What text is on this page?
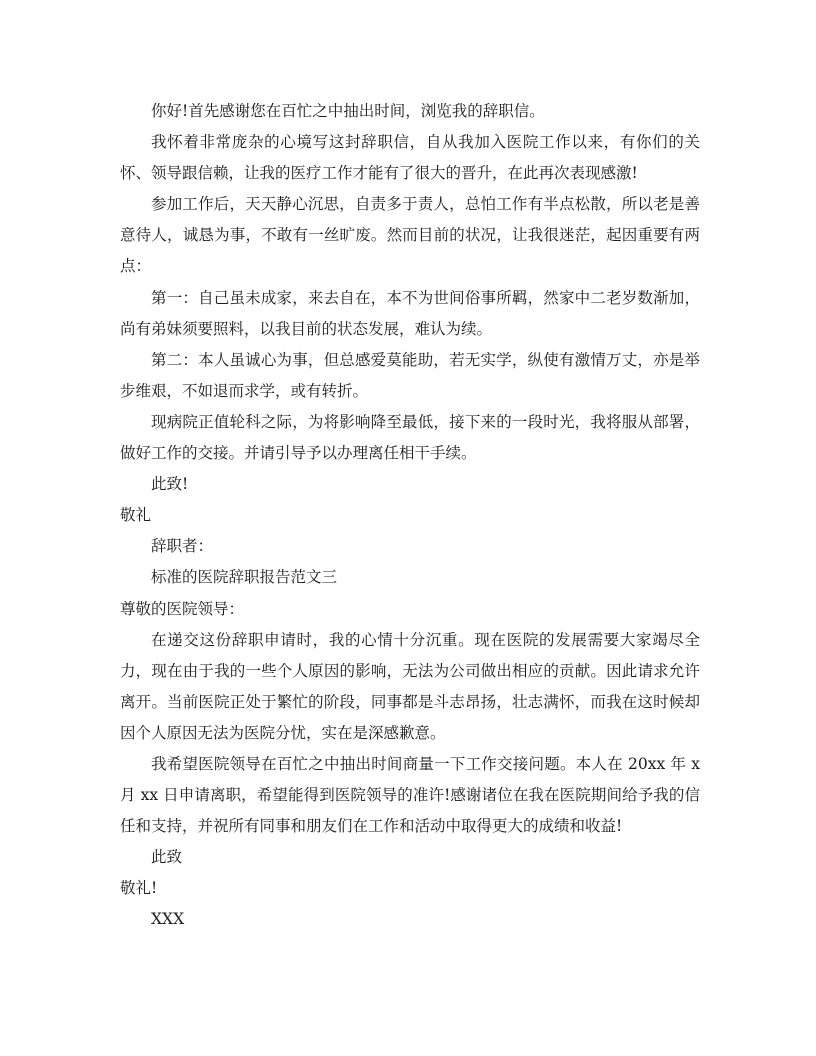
你好!首先感谢您在百忙之中抽出时间，浏览我的辞职信。

我怀着非常庞杂的心境写这封辞职信，自从我加入医院工作以来，有你们的关怀、领导跟信赖，让我的医疗工作才能有了很大的晋升，在此再次表现感激!

参加工作后，天天静心沉思，自责多于责人，总怕工作有半点松散，所以老是善意待人，诚恳为事，不敢有一丝旷废。然而目前的状况，让我很迷茫，起因重要有两点：

第一：自己虽未成家，来去自在，本不为世间俗事所羁，然家中二老岁数渐加，尚有弟妹须要照料，以我目前的状态发展，难认为续。

第二：本人虽诚心为事，但总感爱莫能助，若无实学，纵使有激情万丈，亦是举步维艰，不如退而求学，或有转折。

现病院正值轮科之际，为将影响降至最低，接下来的一段时光，我将服从部署，做好工作的交接。并请引导予以办理离任相干手续。

此致!

敬礼

辞职者：

标准的医院辞职报告范文三

尊敬的医院领导：

在递交这份辞职申请时，我的心情十分沉重。现在医院的发展需要大家竭尽全力，现在由于我的一些个人原因的影响，无法为公司做出相应的贡献。因此请求允许离开。当前医院正处于繁忙的阶段，同事都是斗志昂扬，壮志满怀，而我在这时候却因个人原因无法为医院分忧，实在是深感歉意。

我希望医院领导在百忙之中抽出时间商量一下工作交接问题。本人在 20xx 年 x 月 xx 日申请离职，希望能得到医院领导的准许!感谢诸位在我在医院期间给予我的信任和支持，并祝所有同事和朋友们在工作和活动中取得更大的成绩和收益!

此致

敬礼!

XXX
